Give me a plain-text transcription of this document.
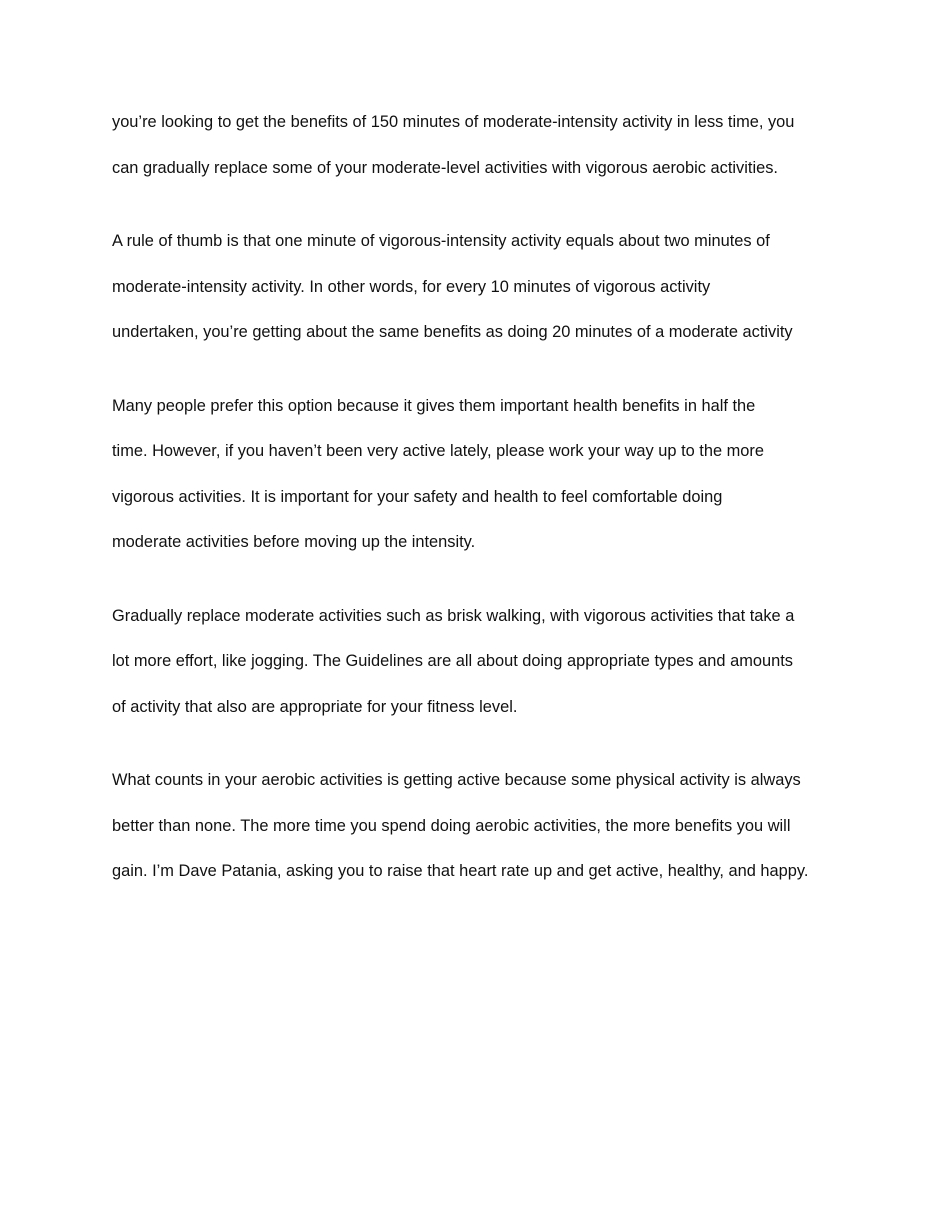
you’re looking to get the benefits of 150 minutes of moderate-intensity activity in less time, you
can gradually replace some of your moderate-level activities with vigorous aerobic activities.

A rule of thumb is that one minute of vigorous-intensity activity equals about two minutes of
moderate-intensity activity. In other words, for every 10 minutes of vigorous activity
undertaken, you’re getting about the same benefits as doing 20 minutes of a moderate activity

Many people prefer this option because it gives them important health benefits in half the
time. However, if you haven’t been very active lately, please work your way up to the more
vigorous activities. It is important for your safety and health to feel comfortable doing
moderate activities before moving up the intensity.

Gradually replace moderate activities such as brisk walking, with vigorous activities that take a
lot more effort, like jogging. The Guidelines are all about doing appropriate types and amounts
of activity that also are appropriate for your fitness level.

What counts in your aerobic activities is getting active because some physical activity is always
better than none. The more time you spend doing aerobic activities, the more benefits you will
gain. I’m Dave Patania, asking you to raise that heart rate up and get active, healthy, and happy.
